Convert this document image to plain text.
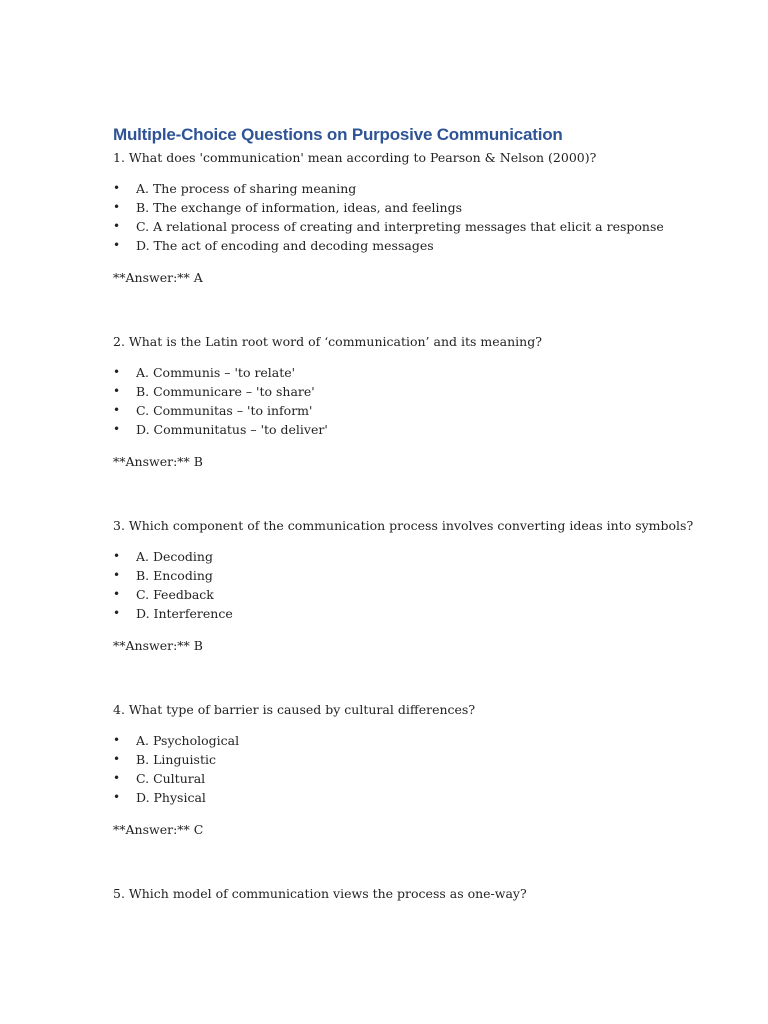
Multiple-Choice Questions on Purposive Communication

1. What does 'communication' mean according to Pearson & Nelson (2000)?

• A. The process of sharing meaning
• B. The exchange of information, ideas, and feelings
• C. A relational process of creating and interpreting messages that elicit a response
• D. The act of encoding and decoding messages

**Answer:** A

2. What is the Latin root word of ‘communication’ and its meaning?

• A. Communis – 'to relate'
• B. Communicare – 'to share'
• C. Communitas – 'to inform'
• D. Communitatus – 'to deliver'

**Answer:** B

3. Which component of the communication process involves converting ideas into symbols?

• A. Decoding
• B. Encoding
• C. Feedback
• D. Interference

**Answer:** B

4. What type of barrier is caused by cultural differences?

• A. Psychological
• B. Linguistic
• C. Cultural
• D. Physical

**Answer:** C

5. Which model of communication views the process as one-way?
